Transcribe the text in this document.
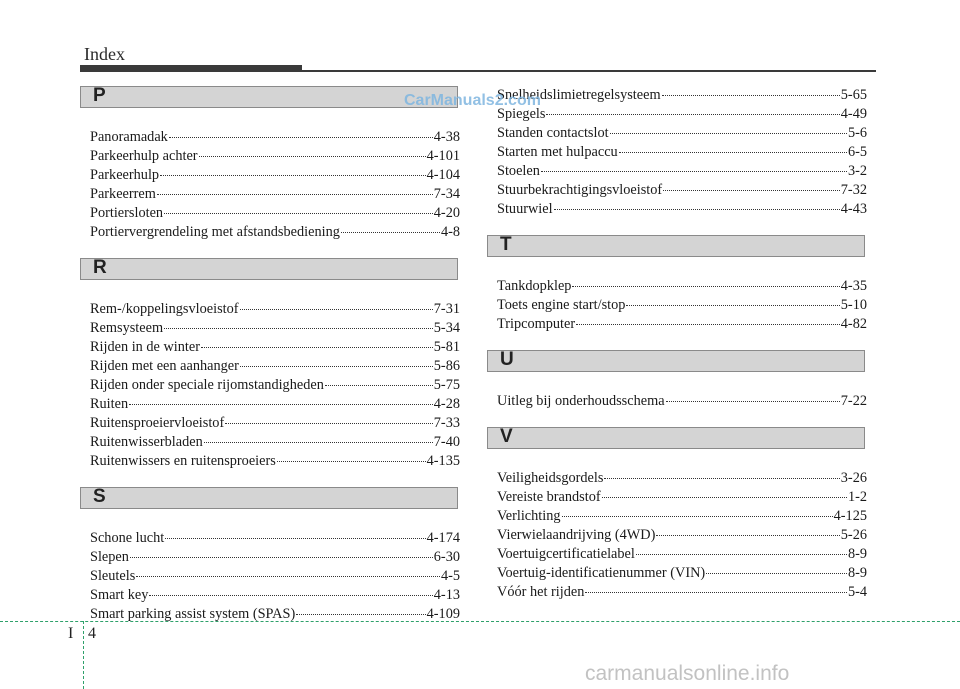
Index
P
Panoramadak	4-38
Parkeerhulp achter	4-101
Parkeerhulp	4-104
Parkeerrem	7-34
Portiersloten	4-20
Portiervergrendeling met afstandsbediening	4-8
R
Rem-/koppelingsvloeistof	7-31
Remsysteem	5-34
Rijden in de winter	5-81
Rijden met een aanhanger	5-86
Rijden onder speciale rijomstandigheden	5-75
Ruiten	4-28
Ruitensproeiervloeistof	7-33
Ruitenwisserbladen	7-40
Ruitenwissers en ruitensproeiers	4-135
S
Schone lucht	4-174
Slepen	6-30
Sleutels	4-5
Smart key	4-13
Smart parking assist system (SPAS)	4-109
Snelheidslimietregelsysteem	5-65
Spiegels	4-49
Standen contactslot	5-6
Starten met hulpaccu	6-5
Stoelen	3-2
Stuurbekrachtigingsvloeistof	7-32
Stuurwiel	4-43
T
Tankdopklep	4-35
Toets engine start/stop	5-10
Tripcomputer	4-82
U
Uitleg bij onderhoudsschema	7-22
V
Veiligheidsgordels	3-26
Vereiste brandstof	1-2
Verlichting	4-125
Vierwielaandrijving (4WD)	5-26
Voertuigcertificatielabel	8-9
Voertuig-identificatienummer (VIN)	8-9
Vóór het rijden	5-4
CarManuals2.com
I 4
carmanualsonline.info
